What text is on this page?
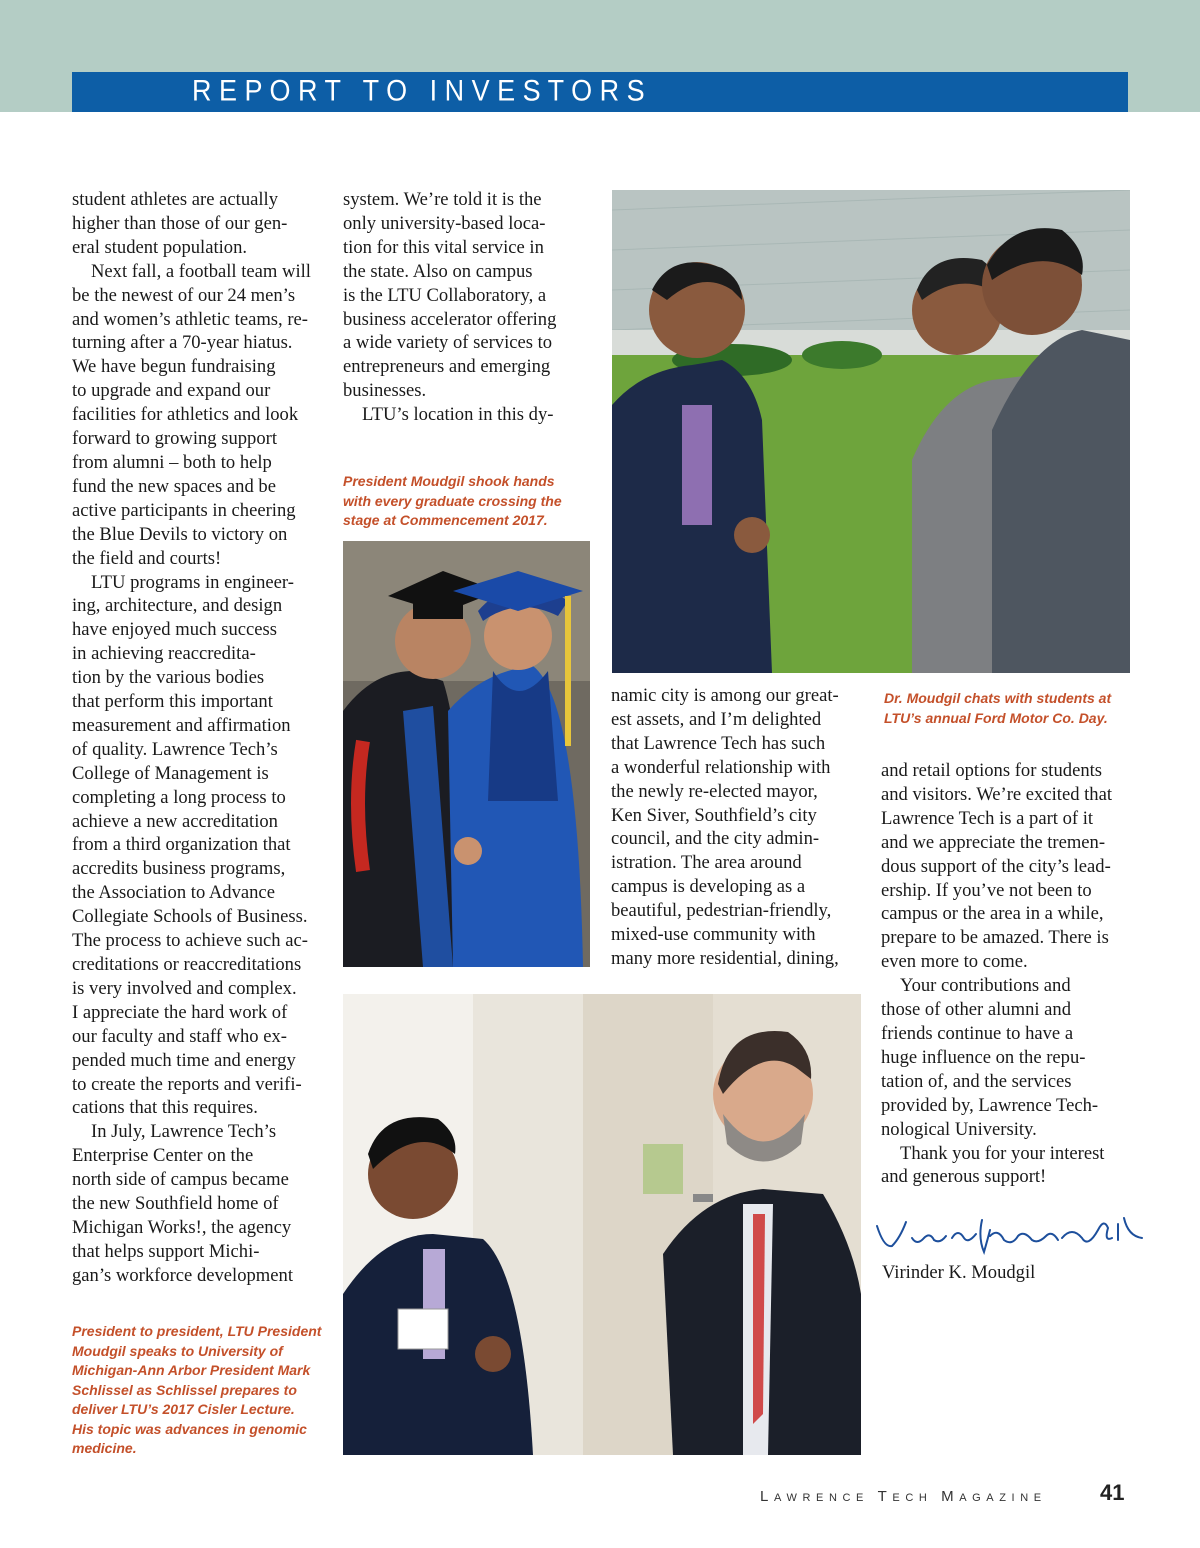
R E P O R T   T O   I N V E S T O R S
student athletes are actually
higher than those of our gen-
eral student population.
Next fall, a football team will
be the newest of our 24 men’s
and women’s athletic teams, re-
turning after a 70-year hiatus.
We have begun fundraising
to upgrade and expand our
facilities for athletics and look
forward to growing support
from alumni – both to help
fund the new spaces and be
active participants in cheering
the Blue Devils to victory on
the field and courts!
LTU programs in engineer-
ing, architecture, and design
have enjoyed much success
in achieving reaccredita-
tion by the various bodies
that perform this important
measurement and affirmation
of quality. Lawrence Tech’s
College of Management is
completing a long process to
achieve a new accreditation
from a third organization that
accredits business programs,
the Association to Advance
Collegiate Schools of Business.
The process to achieve such ac-
creditations or reaccreditations
is very involved and complex.
I appreciate the hard work of
our faculty and staff who ex-
pended much time and energy
to create the reports and verifi-
cations that this requires.
In July, Lawrence Tech’s
Enterprise Center on the
north side of campus became
the new Southfield home of
Michigan Works!, the agency
that helps support Michi-
gan’s workforce development
system. We’re told it is the
only university-based loca-
tion for this vital service in
the state. Also on campus
is the LTU Collaboratory, a
business accelerator offering
a wide variety of services to
entrepreneurs and emerging
businesses.
LTU’s location in this dy-
namic city is among our great-
est assets, and I’m delighted
that Lawrence Tech has such
a wonderful relationship with
the newly re-elected mayor,
Ken Siver, Southfield’s city
council, and the city admin-
istration. The area around
campus is developing as a
beautiful, pedestrian-friendly,
mixed-use community with
many more residential, dining,
and retail options for students
and visitors. We’re excited that
Lawrence Tech is a part of it
and we appreciate the tremen-
dous support of the city’s lead-
ership. If you’ve not been to
campus or the area in a while,
prepare to be amazed. There is
even more to come.
Your contributions and
those of other alumni and
friends continue to have a
huge influence on the repu-
tation of, and the services
provided by, Lawrence Tech-
nological University.
Thank you for your interest
and generous support!
President Moudgil shook hands
with every graduate crossing the
stage at Commencement 2017.
Dr. Moudgil chats with students at
LTU’s annual Ford Motor Co. Day.
President to president, LTU President
Moudgil speaks to University of
Michigan-Ann Arbor President Mark
Schlissel as Schlissel prepares to
deliver LTU’s 2017 Cisler Lecture.
His topic was advances in genomic
medicine.
Virinder K. Moudgil
LAWRENCE TECH MAGAZINE 41
